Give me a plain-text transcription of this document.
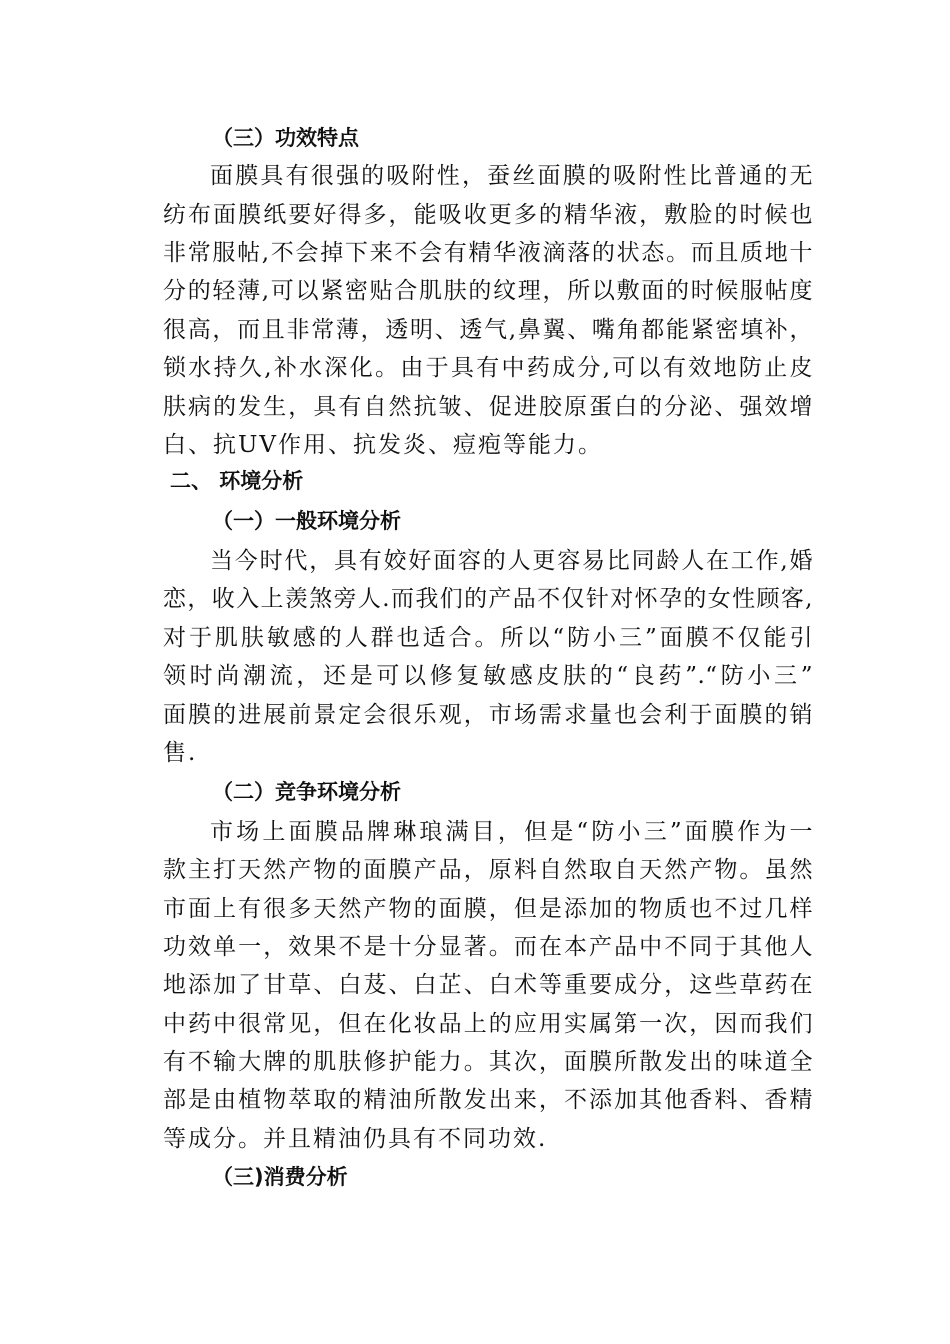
（三）功效特点
面膜具有很强的吸附性，蚕丝面膜的吸附性比普通的无
纺布面膜纸要好得多，能吸收更多的精华液，敷脸的时候也
非常服帖,不会掉下来不会有精华液滴落的状态。而且质地十
分的轻薄,可以紧密贴合肌肤的纹理，所以敷面的时候服帖度
很高，而且非常薄，透明、透气,鼻翼、嘴角都能紧密填补，
锁水持久,补水深化。由于具有中药成分,可以有效地防止皮
肤病的发生，具有自然抗皱、促进胶原蛋白的分泌、强效增
白、抗UV作用、抗发炎、痘疱等能力。
二、 环境分析
（一）一般环境分析
当今时代，具有姣好面容的人更容易比同龄人在工作,婚
恋，收入上羡煞旁人.而我们的产品不仅针对怀孕的女性顾客,
对于肌肤敏感的人群也适合。所以“防小三”面膜不仅能引
领时尚潮流，还是可以修复敏感皮肤的“良药”.“防小三”
面膜的进展前景定会很乐观，市场需求量也会利于面膜的销
售.
（二）竞争环境分析
市场上面膜品牌琳琅满目，但是“防小三”面膜作为一
款主打天然产物的面膜产品，原料自然取自天然产物。虽然
市面上有很多天然产物的面膜，但是添加的物质也不过几样
功效单一，效果不是十分显著。而在本产品中不同于其他人
地添加了甘草、白芨、白芷、白术等重要成分，这些草药在
中药中很常见，但在化妆品上的应用实属第一次，因而我们
有不输大牌的肌肤修护能力。其次，面膜所散发出的味道全
部是由植物萃取的精油所散发出来，不添加其他香料、香精
等成分。并且精油仍具有不同功效.
（三)消费分析
